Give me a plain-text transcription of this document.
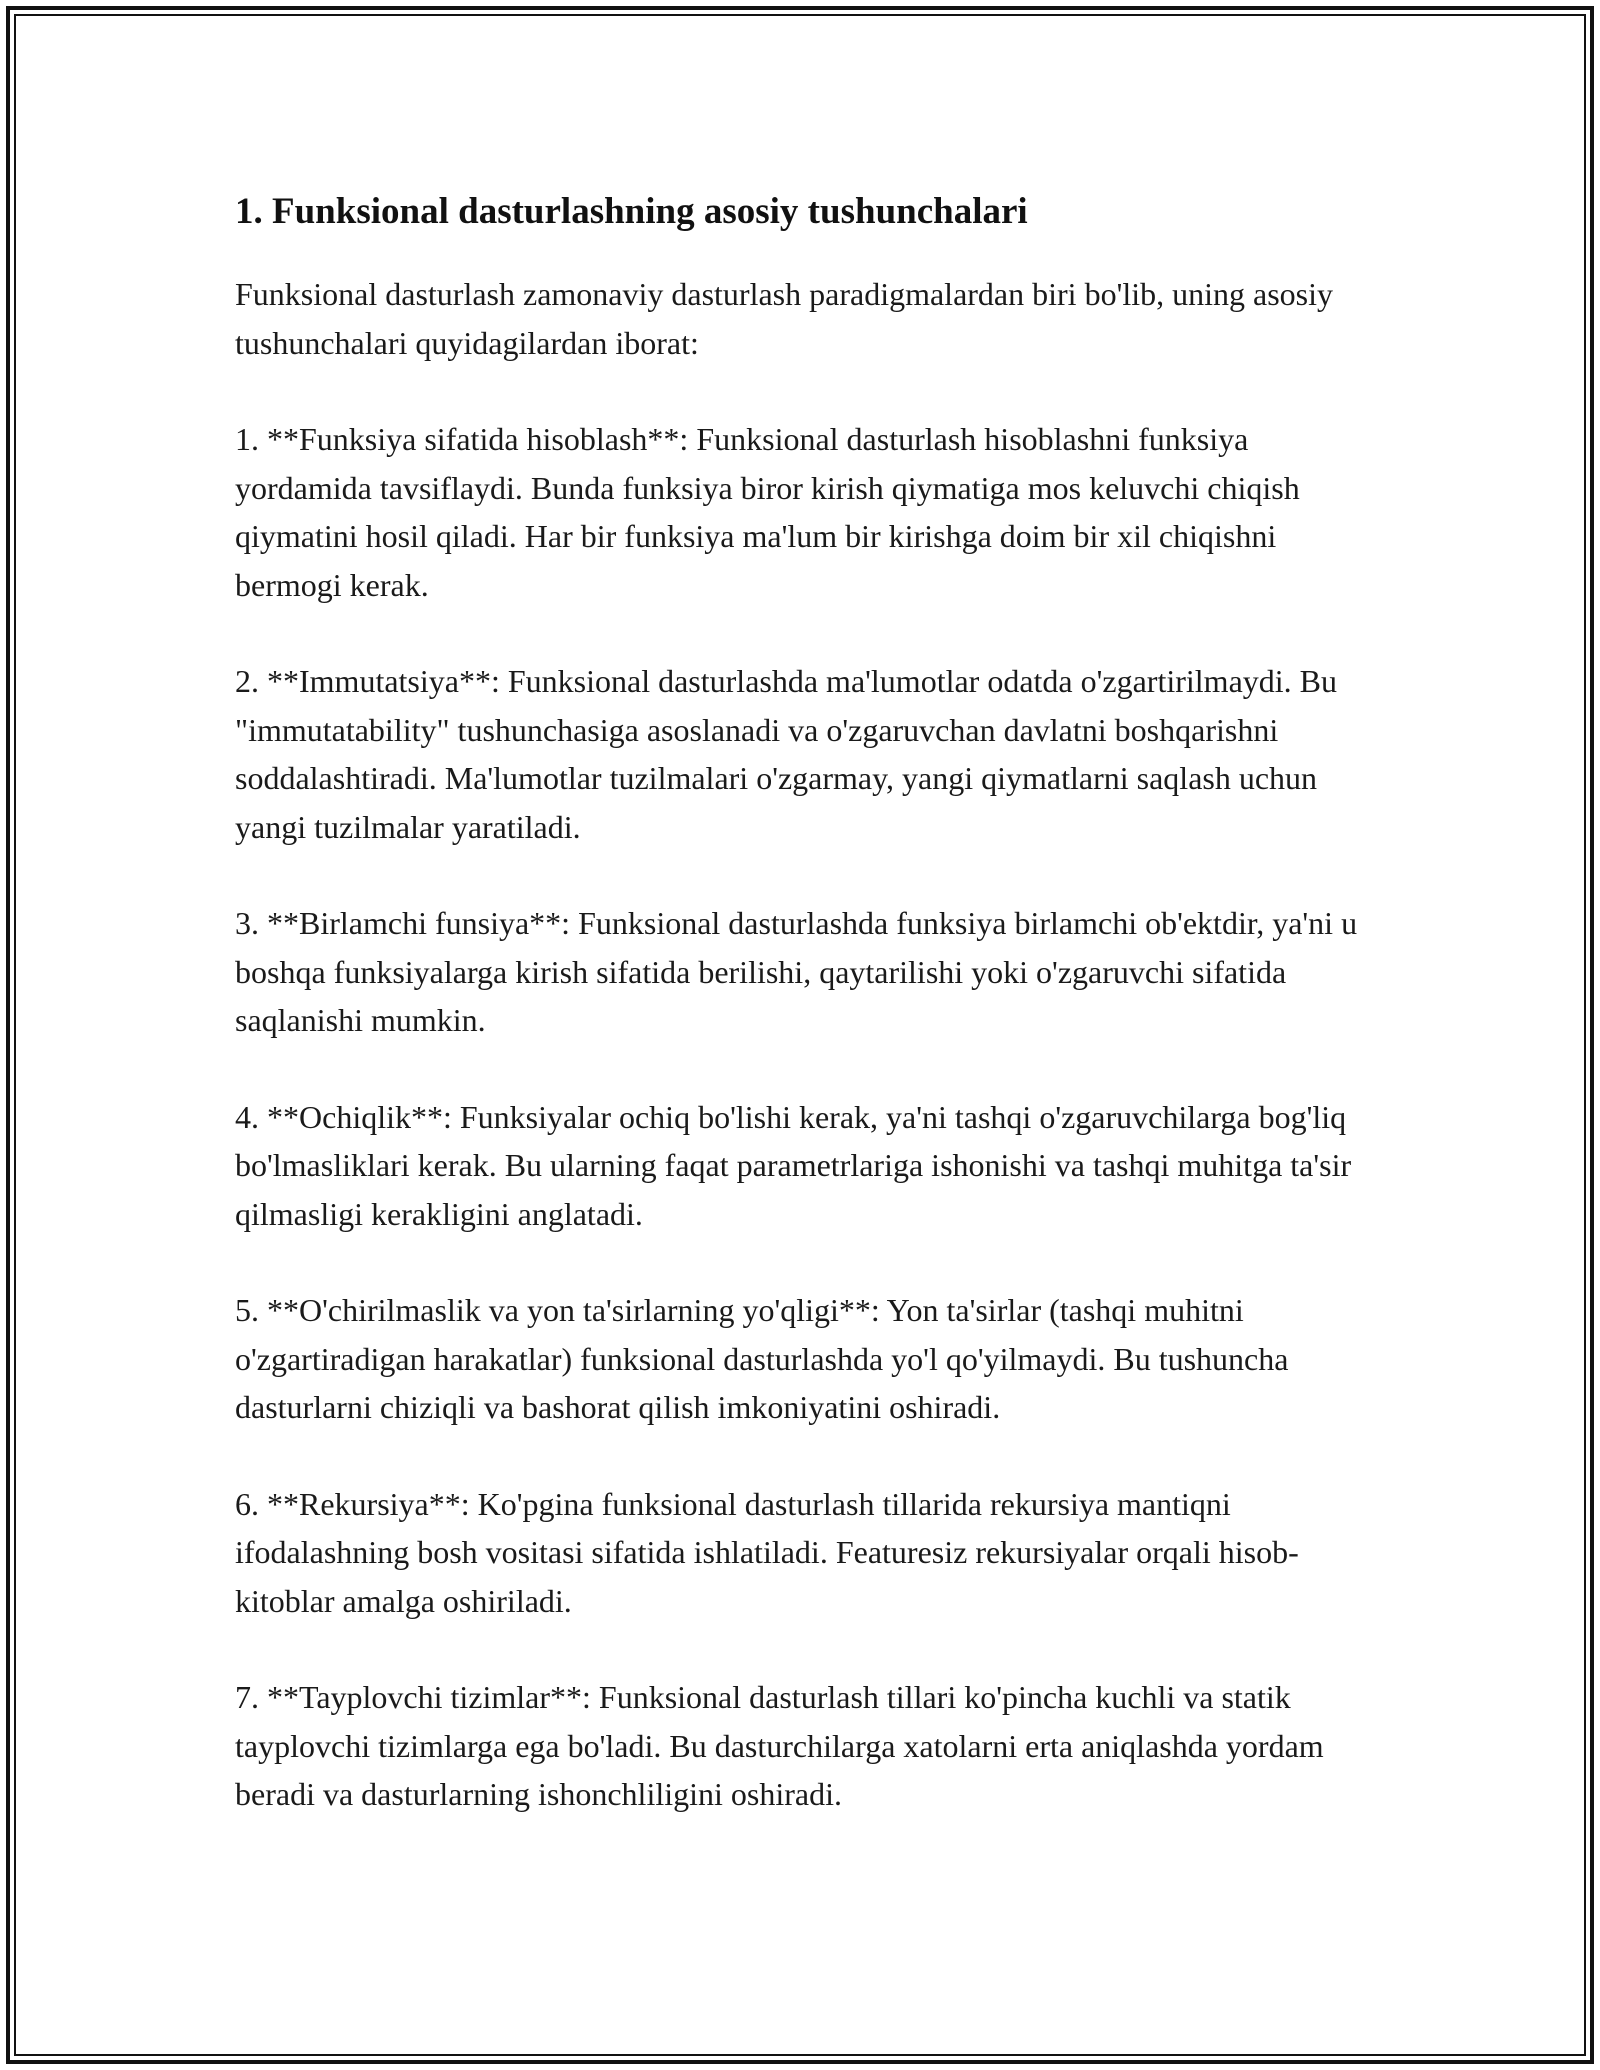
1. Funksional dasturlashning asosiy tushunchalari

Funksional dasturlash zamonaviy dasturlash paradigmalardan biri bo'lib, uning asosiy tushunchalari quyidagilardan iborat:

1. **Funksiya sifatida hisoblash**: Funksional dasturlash hisoblashni funksiya yordamida tavsiflaydi. Bunda funksiya biror kirish qiymatiga mos keluvchi chiqish qiymatini hosil qiladi. Har bir funksiya ma'lum bir kirishga doim bir xil chiqishni bermogi kerak.

2. **Immutatsiya**: Funksional dasturlashda ma'lumotlar odatda o'zgartirilmaydi. Bu "immutatability" tushunchasiga asoslanadi va o'zgaruvchan davlatni boshqarishni soddalashtiradi. Ma'lumotlar tuzilmalari o'zgarmay, yangi qiymatlarni saqlash uchun yangi tuzilmalar yaratiladi.

3. **Birlamchi funsiya**: Funksional dasturlashda funksiya birlamchi ob'ektdir, ya'ni u boshqa funksiyalarga kirish sifatida berilishi, qaytarilishi yoki o'zgaruvchi sifatida saqlanishi mumkin.

4. **Ochiqlik**: Funksiyalar ochiq bo'lishi kerak, ya'ni tashqi o'zgaruvchilarga bog'liq bo'lmasliklari kerak. Bu ularning faqat parametrlariga ishonishi va tashqi muhitga ta'sir qilmasligi kerakligini anglatadi.

5. **O'chirilmaslik va yon ta'sirlarning yo'qligi**: Yon ta'sirlar (tashqi muhitni o'zgartiradigan harakatlar) funksional dasturlashda yo'l qo'yilmaydi. Bu tushuncha dasturlarni chiziqli va bashorat qilish imkoniyatini oshiradi.

6. **Rekursiya**: Ko'pgina funksional dasturlash tillarida rekursiya mantiqni ifodalashning bosh vositasi sifatida ishlatiladi. Featuresiz rekursiyalar orqali hisob-kitoblar amalga oshiriladi.

7. **Tayplovchi tizimlar**: Funksional dasturlash tillari ko'pincha kuchli va statik tayplovchi tizimlarga ega bo'ladi. Bu dasturchilarga xatolarni erta aniqlashda yordam beradi va dasturlarning ishonchliligini oshiradi.
